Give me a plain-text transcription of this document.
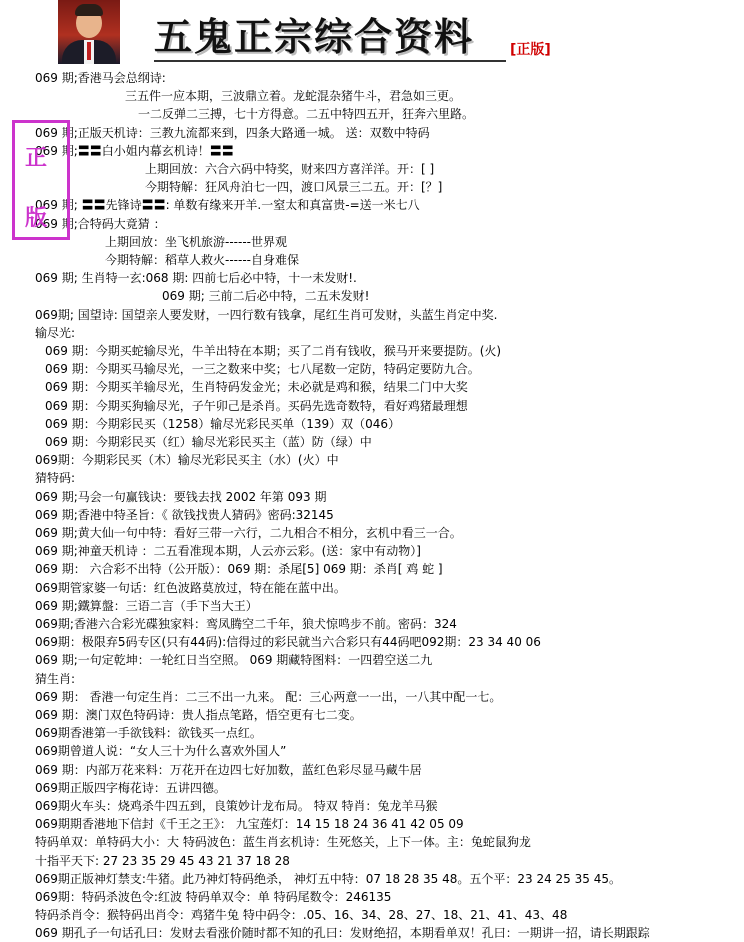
五鬼正宗综合资料	[正版]
069 期;香港马会总纲诗:
三五件一应本期，三波鼎立着。龙蛇混杂猪牛斗，君急如三更。
一二反弹二三搏，七十方得意。二五中特四五开，狂奔六里路。
069 期;正版天机诗：三教九流都来到，四条大路通一城。 送：双数中特码
069 期;〓〓白小姐内幕玄机诗！〓〓
上期回放：六合六码中特奖，财来四方喜洋洋。开：[ ]
今期特解：狂风舟泊七一四，渡口风景三二五。开：[？]
069 期; 〓〓先锋诗〓〓: 单数有缘来开羊.一窒太和真富贵-=送一米七八
069 期;合特码大竟猜 ：
上期回放：坐飞机旅游------世界观
今期特解：稻草人救火------自身难保
069 期; 生肖特一玄:068 期: 四前七后必中特，十一未发财!.
069 期; 三前二后必中特，二五未发财!
069期; 国望诗: 国望亲人要发财，一四行数有钱拿，尾红生肖可发财，头蓝生肖定中奖.
输尽光:
069 期：今期买蛇输尽光，牛羊出特在本期；买了二肖有钱收，猴马开来要提防。(火)
069 期：今期买马输尽光，一三之数来中奖；七八尾数一定防，特码定要防九合。
069 期：今期买羊输尽光，生肖特码发金光；未必就是鸡和猴，结果二门中大奖
069 期：今期买狗输尽光，子午卯己是杀肖。买码先选奇数特，看好鸡猪最理想
069 期：今期彩民买（1258）输尽光彩民买单（139）双（046）
069 期：今期彩民买（红）输尽光彩民买主（蓝）防（绿）中
069期：今期彩民买（木）输尽光彩民买主（水）(火）中
猜特码:
069 期;马会一句赢钱诀：要钱去找 2002 年第 093 期
069 期;香港中特圣旨：《 欲钱找贵人猜码》密码:32145
069 期;黄大仙一句中特：看好三带一六行，二九相合不相分，玄机中看三一合。
069 期;神童天机诗 ：二五看准现本期，人云亦云彩。(送：家中有动物）]
069 期： 六合彩不出特（公开版）：069 期：杀尾[5] 069 期：杀肖[ 鸡 蛇 ]
069期管家婆一句话：红色波路莫放过，特在能在蓝中出。
069 期;鐵算盤：三语二言（手下当大王）
069期;香港六合彩光碟独家料：鸾凤腾空二千年，狼犬惊鸣步不前。密码：324
069期：极限弃5码专区(只有44码):信得过的彩民就当六合彩只有44码吧092期：23 34 40 06
069 期;一句定乾坤：一轮红日当空照。 069 期藏特图料：一四碧空送二九
猜生肖:
069 期： 香港一句定生肖：二三不出一九来。 配：三心两意一一出，一八其中配一七。
069 期：澳门双色特码诗：贵人指点笔路，悟空更有七二变。
069期香港第一手欲钱料：欲钱买一点红。
069期曾道人说：“女人三十为什么喜欢外国人”
069 期：内部万花来料：万花开在边四七好加数，蓝红色彩尽显马藏牛居
069期正版四字梅花诗：五讲四德。
069期火车头：烧鸡杀牛四五到，良策妙计龙布局。 特双 特肖：兔龙羊马猴
069期期香港地下信封《千王之王》： 九宝莲灯：14 15 18 24 36 41 42 05 09
特码单双：单特码大小：大 特码波色：蓝生肖玄机诗：生死悠关，上下一体。主：兔蛇鼠狗龙
十指平天下: 27 23 35 29 45 43 21 37 18 28
069期正版神灯禁支:牛猪。此乃神灯特码绝杀， 神灯五中特：07 18 28 35 48。五个平：23 24 25 35 45。
069期：特码杀波色令:红波 特码单双令：单 特码尾数令：246135
特码杀肖令：猴特码出肖令：鸡猪牛兔 特中码令：.05、16、34、28、27、18、21、41、43、48
069 期孔子一句话孔曰：发财去看涨价随时都不知的孔曰：发财绝招，本期看单双！孔曰：一期讲一招，请长期跟踪
正
版
